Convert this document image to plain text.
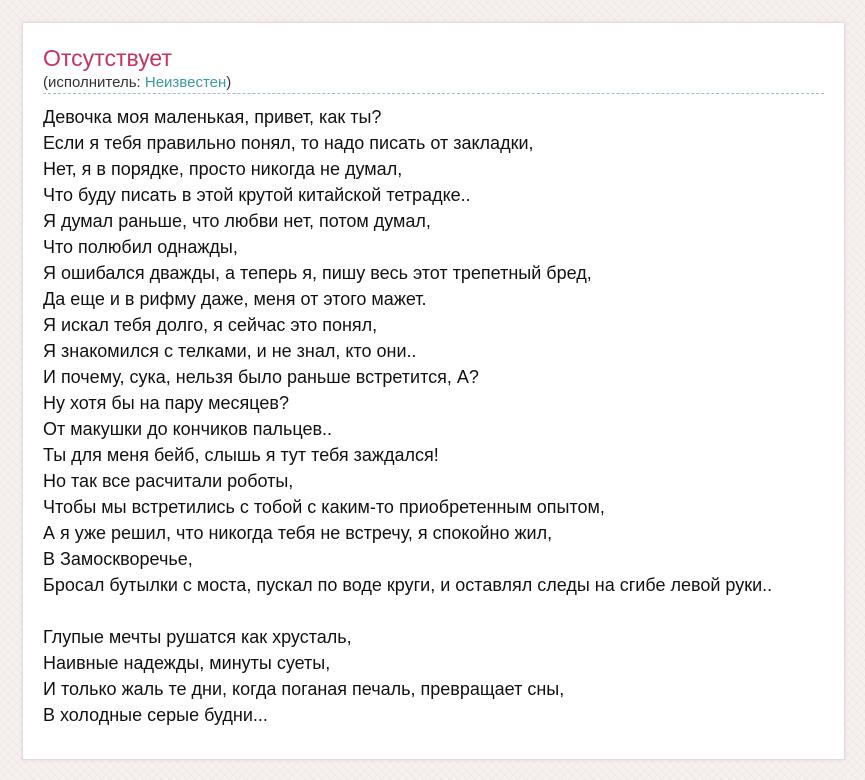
Отсутствует
(исполнитель: Неизвестен)
Девочка моя маленькая, привет, как ты?
Если я тебя правильно понял, то надо писать от закладки,
Нет, я в порядке, просто никогда не думал,
Что буду писать в этой крутой китайской тетрадке..
Я думал раньше, что любви нет, потом думал,
Что полюбил однажды,
Я ошибался дважды, а теперь я, пишу весь этот трепетный бред,
Да еще и в рифму даже, меня от этого мажет.
Я искал тебя долго, я сейчас это понял,
Я знакомился с телками, и не знал, кто они..
И почему, сука, нельзя было раньше встретится, А?
Ну хотя бы на пару месяцев?
От макушки до кончиков пальцев..
Ты для меня бейб, слышь я тут тебя заждался!
Но так все расчитали роботы,
Чтобы мы встретились с тобой с каким-то приобретенным опытом,
А я уже решил, что никогда тебя не встречу, я спокойно жил,
В Замоскворечье,
Бросал бутылки с моста, пускал по воде круги, и оставлял следы на сгибе левой руки..
Глупые мечты рушатся как хрусталь,
Наивные надежды, минуты суеты,
И только жаль те дни, когда поганая печаль, превращает сны,
В холодные серые будни...
